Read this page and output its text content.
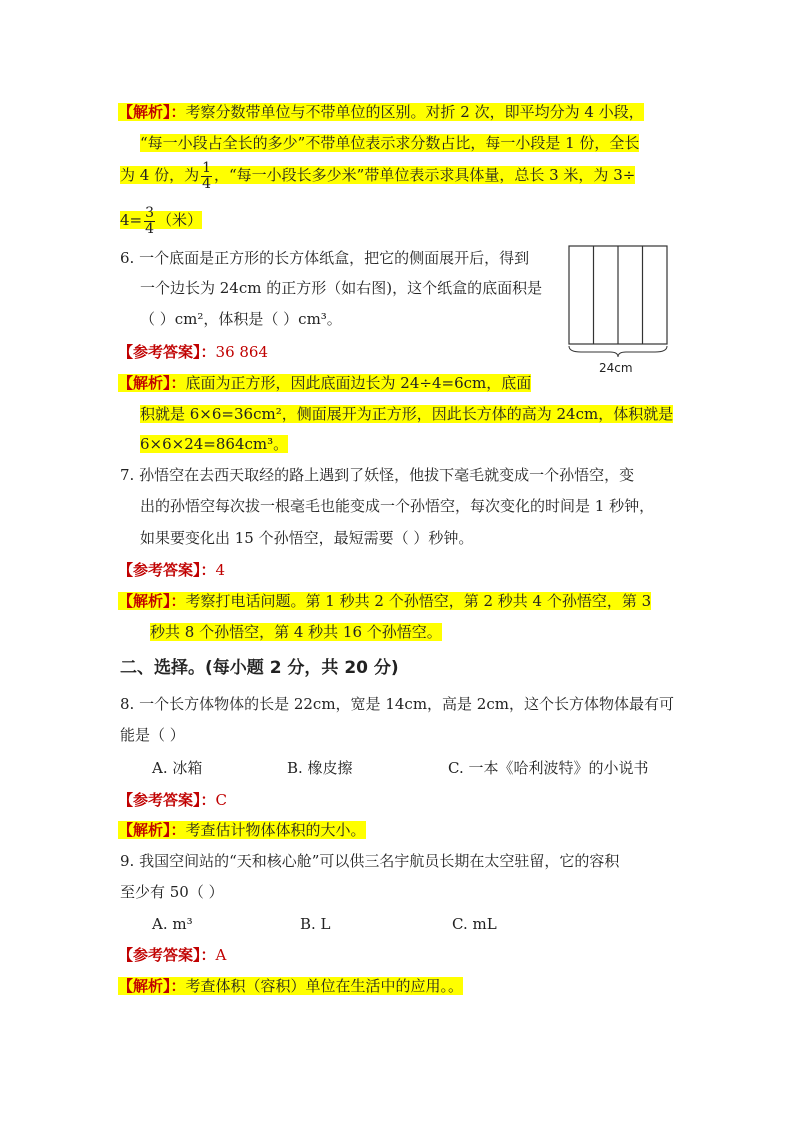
【解析】：考察分数带单位与不带单位的区别。对折 2 次，即平均分为 4 小段，
“每一小段占全长的多少”不带单位表示求分数占比，每一小段是 1 份，全长
为 4 份，为 $\frac{1}{4}$ ，“每一小段长多少米”带单位表示求具体量，总长 3 米，为 3÷
$4= \frac{3}{4}$ （米）
6. 一个底面是正方形的长方体纸盒，把它的侧面展开后，得到
一个边长为 24cm 的正方形（如右图)，这个纸盒的底面积是
（ ）cm²，体积是（ ）cm³。
24cm
【参考答案】：36 864
【解析】：底面为正方形，因此底面边长为 24÷4=6cm，底面
积就是 6×6=36cm²，侧面展开为正方形，因此长方体的高为 24cm，体积就是
6×6×24=864cm³。
7. 孙悟空在去西天取经的路上遇到了妖怪，他拔下毫毛就变成一个孙悟空，变
出的孙悟空每次拔一根毫毛也能变成一个孙悟空，每次变化的时间是 1 秒钟，
如果要变化出 15 个孙悟空，最短需要（ ）秒钟。
【参考答案】：4
【解析】：考察打电话问题。第 1 秒共 2 个孙悟空，第 2 秒共 4 个孙悟空，第 3
秒共 8 个孙悟空，第 4 秒共 16 个孙悟空。
二、选择。(每小题 2 分，共 20 分)
8. 一个长方体物体的长是 22cm，宽是 14cm，高是 2cm，这个长方体物体最有可
能是（ ）
A. 冰箱	B. 橡皮擦	C. 一本《哈利波特》的小说书
【参考答案】：C
【解析】：考查估计物体体积的大小。
9. 我国空间站的“天和核心舱”可以供三名宇航员长期在太空驻留，它的容积
至少有 50（ ）
A. m³	B. L	C. mL
【参考答案】：A
【解析】：考查体积（容积）单位在生活中的应用。。
